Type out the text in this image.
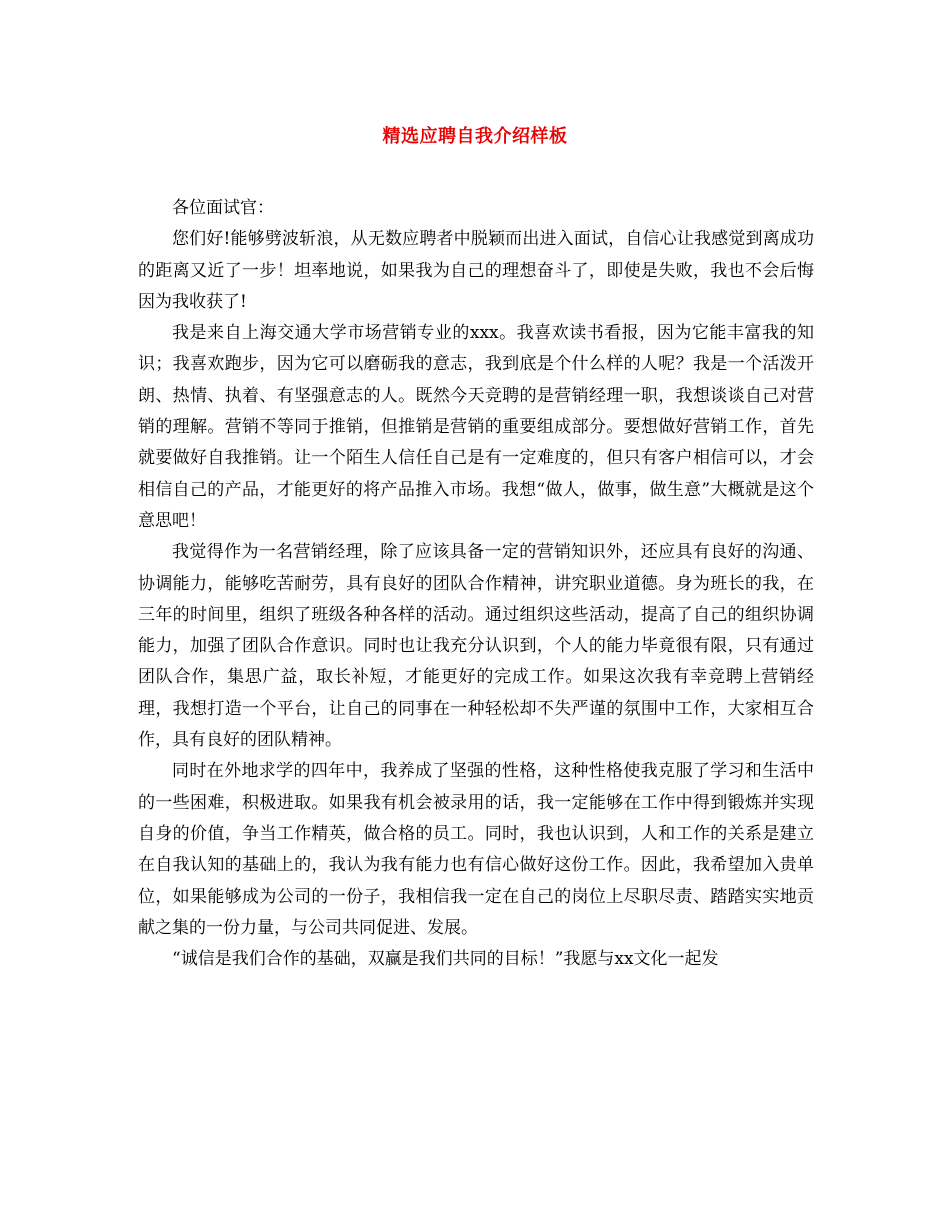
精选应聘自我介绍样板

各位面试官：

您们好!能够劈波斩浪，从无数应聘者中脱颖而出进入面试，自信心让我感觉到离成功的距离又近了一步！坦率地说，如果我为自己的理想奋斗了，即使是失败，我也不会后悔因为我收获了!

我是来自上海交通大学市场营销专业的xxx。我喜欢读书看报，因为它能丰富我的知识；我喜欢跑步，因为它可以磨砺我的意志，我到底是个什么样的人呢？我是一个活泼开朗、热情、执着、有坚强意志的人。既然今天竞聘的是营销经理一职，我想谈谈自己对营销的理解。营销不等同于推销，但推销是营销的重要组成部分。要想做好营销工作，首先就要做好自我推销。让一个陌生人信任自己是有一定难度的，但只有客户相信可以，才会相信自己的产品，才能更好的将产品推入市场。我想“做人，做事，做生意”大概就是这个意思吧！

我觉得作为一名营销经理，除了应该具备一定的营销知识外，还应具有良好的沟通、协调能力，能够吃苦耐劳，具有良好的团队合作精神，讲究职业道德。身为班长的我，在三年的时间里，组织了班级各种各样的活动。通过组织这些活动，提高了自己的组织协调能力，加强了团队合作意识。同时也让我充分认识到，个人的能力毕竟很有限，只有通过团队合作，集思广益，取长补短，才能更好的完成工作。如果这次我有幸竞聘上营销经理，我想打造一个平台，让自己的同事在一种轻松却不失严谨的氛围中工作，大家相互合作，具有良好的团队精神。

同时在外地求学的四年中，我养成了坚强的性格，这种性格使我克服了学习和生活中的一些困难，积极进取。如果我有机会被录用的话，我一定能够在工作中得到锻炼并实现自身的价值，争当工作精英，做合格的员工。同时，我也认识到，人和工作的关系是建立在自我认知的基础上的，我认为我有能力也有信心做好这份工作。因此，我希望加入贵单位，如果能够成为公司的一份子，我相信我一定在自己的岗位上尽职尽责、踏踏实实地贡献之集的一份力量，与公司共同促进、发展。

“诚信是我们合作的基础，双赢是我们共同的目标！”我愿与xx文化一起发
